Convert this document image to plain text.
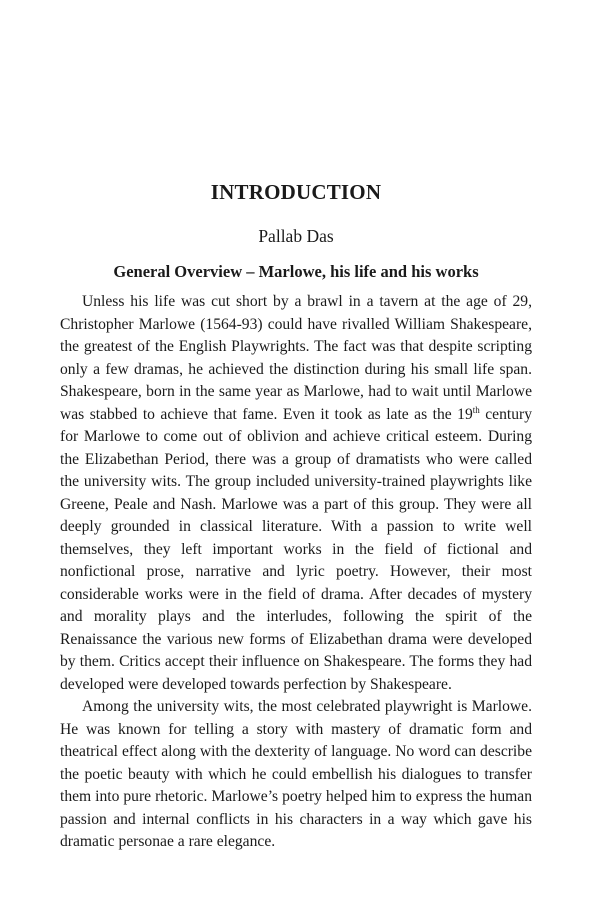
INTRODUCTION
Pallab Das
General Overview – Marlowe, his life and his works

Unless his life was cut short by a brawl in a tavern at the age of 29, Christopher Marlowe (1564-93) could have rivalled William Shakespeare, the greatest of the English Playwrights. The fact was that despite scripting only a few dramas, he achieved the distinction during his small life span. Shakespeare, born in the same year as Marlowe, had to wait until Marlowe was stabbed to achieve that fame. Even it took as late as the 19th century for Marlowe to come out of oblivion and achieve critical esteem. During the Elizabethan Period, there was a group of dramatists who were called the university wits. The group included university-trained playwrights like Greene, Peale and Nash. Marlowe was a part of this group. They were all deeply grounded in classical literature. With a passion to write well themselves, they left important works in the field of fictional and nonfictional prose, narrative and lyric poetry. However, their most considerable works were in the field of drama. After decades of mystery and morality plays and the interludes, following the spirit of the Renaissance the various new forms of Elizabethan drama were developed by them. Critics accept their influence on Shakespeare. The forms they had developed were developed towards perfection by Shakespeare.

Among the university wits, the most celebrated playwright is Marlowe. He was known for telling a story with mastery of dramatic form and theatrical effect along with the dexterity of language. No word can describe the poetic beauty with which he could embellish his dialogues to transfer them into pure rhetoric. Marlowe’s poetry helped him to express the human passion and internal conflicts in his characters in a way which gave his dramatic personae a rare elegance.
